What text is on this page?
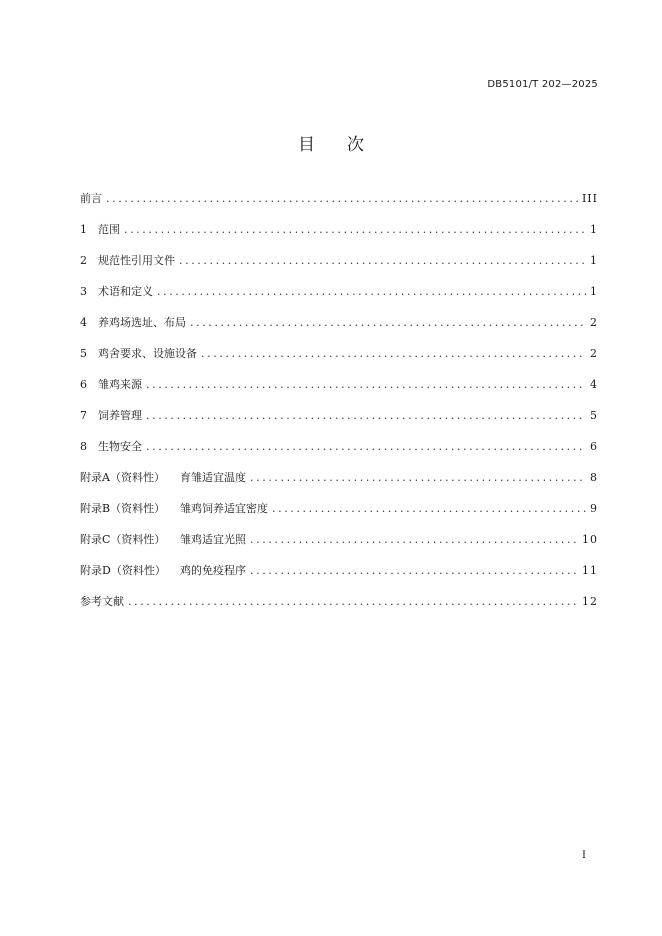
DB5101/T 202—2025
目次
前言 .....	III
1	范围 .....	1
2	规范性引用文件 .....	1
3	术语和定义 .....	1
4	养鸡场选址、布局 .....	2
5	鸡舍要求、设施设备 .....	2
6	雏鸡来源 .....	4
7	饲养管理 .....	5
8	生物安全 .....	6
附录A（资料性）	育雏适宜温度 .....	8
附录B（资料性）	雏鸡饲养适宜密度 .....	9
附录C（资料性）	雏鸡适宜光照 .....	10
附录D（资料性）	鸡的免疫程序 .....	11
参考文献 .....	12
I
